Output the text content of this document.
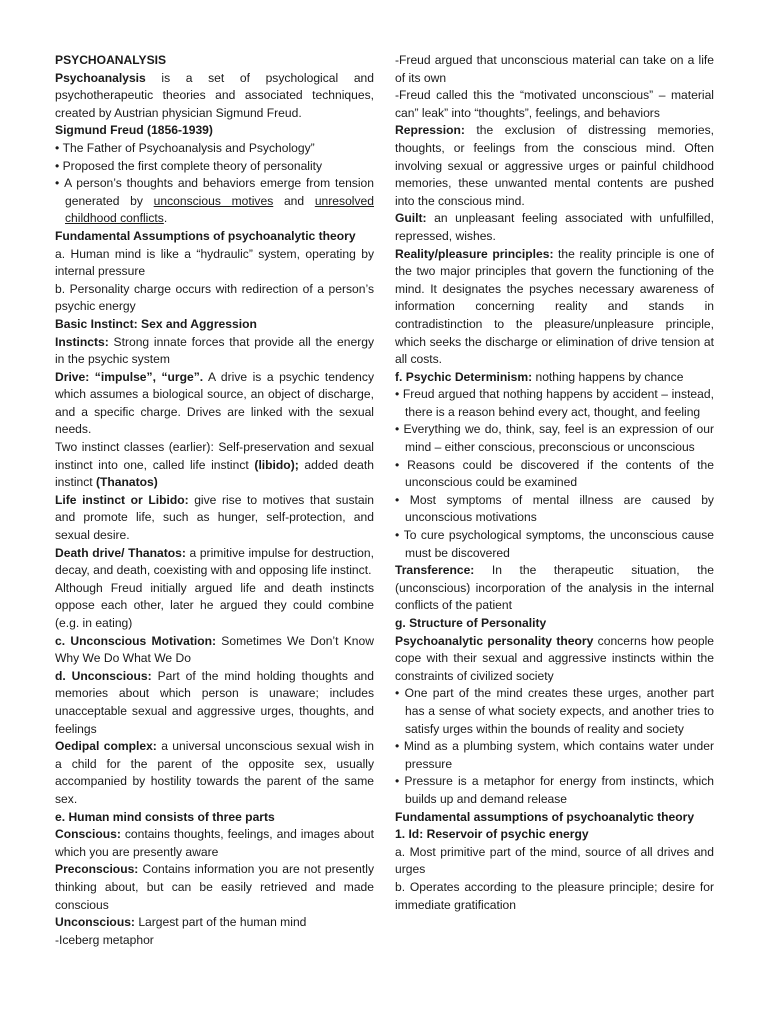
PSYCHOANALYSIS

Psychoanalysis is a set of psychological and psychotherapeutic theories and associated techniques, created by Austrian physician Sigmund Freud.

Sigmund Freud (1856-1939)

• The Father of Psychoanalysis and Psychology”

• Proposed the first complete theory of personality

• A person’s thoughts and behaviors emerge from tension generated by unconscious motives and unresolved childhood conflicts.

Fundamental Assumptions of psychoanalytic theory

a. Human mind is like a “hydraulic” system, operating by internal pressure

b. Personality charge occurs with redirection of a person’s psychic energy

Basic Instinct: Sex and Aggression

Instincts: Strong innate forces that provide all the energy in the psychic system

Drive: “impulse”, “urge”. A drive is a psychic tendency which assumes a biological source, an object of discharge, and a specific charge. Drives are linked with the sexual needs.

Two instinct classes (earlier): Self-preservation and sexual instinct into one, called life instinct (libido); added death instinct (Thanatos)

Life instinct or Libido: give rise to motives that sustain and promote life, such as hunger, self-protection, and sexual desire.

Death drive/ Thanatos: a primitive impulse for destruction, decay, and death, coexisting with and opposing life instinct.

Although Freud initially argued life and death instincts oppose each other, later he argued they could combine (e.g. in eating)

c. Unconscious Motivation: Sometimes We Don’t Know Why We Do What We Do

d. Unconscious: Part of the mind holding thoughts and memories about which person is unaware; includes unacceptable sexual and aggressive urges, thoughts, and feelings

Oedipal complex: a universal unconscious sexual wish in a child for the parent of the opposite sex, usually accompanied by hostility towards the parent of the same sex.

e. Human mind consists of three parts

Conscious: contains thoughts, feelings, and images about which you are presently aware

Preconscious: Contains information you are not presently thinking about, but can be easily retrieved and made conscious

Unconscious: Largest part of the human mind

-Iceberg metaphor

-Freud argued that unconscious material can take on a life of its own

-Freud called this the “motivated unconscious” – material can” leak” into “thoughts”, feelings, and behaviors

Repression: the exclusion of distressing memories, thoughts, or feelings from the conscious mind. Often involving sexual or aggressive urges or painful childhood memories, these unwanted mental contents are pushed into the conscious mind.

Guilt: an unpleasant feeling associated with unfulfilled, repressed, wishes.

Reality/pleasure principles: the reality principle is one of the two major principles that govern the functioning of the mind. It designates the psyches necessary awareness of information concerning reality and stands in contradistinction to the pleasure/unpleasure principle, which seeks the discharge or elimination of drive tension at all costs.

f. Psychic Determinism: nothing happens by chance

• Freud argued that nothing happens by accident – instead, there is a reason behind every act, thought, and feeling

• Everything we do, think, say, feel is an expression of our mind – either conscious, preconscious or unconscious

• Reasons could be discovered if the contents of the unconscious could be examined

• Most symptoms of mental illness are caused by unconscious motivations

• To cure psychological symptoms, the unconscious cause must be discovered

Transference: In the therapeutic situation, the (unconscious) incorporation of the analysis in the internal conflicts of the patient

g. Structure of Personality

Psychoanalytic personality theory concerns how people cope with their sexual and aggressive instincts within the constraints of civilized society

• One part of the mind creates these urges, another part has a sense of what society expects, and another tries to satisfy urges within the bounds of reality and society

• Mind as a plumbing system, which contains water under pressure

• Pressure is a metaphor for energy from instincts, which builds up and demand release

Fundamental assumptions of psychoanalytic theory

1. Id: Reservoir of psychic energy

a. Most primitive part of the mind, source of all drives and urges

b. Operates according to the pleasure principle; desire for immediate gratification
